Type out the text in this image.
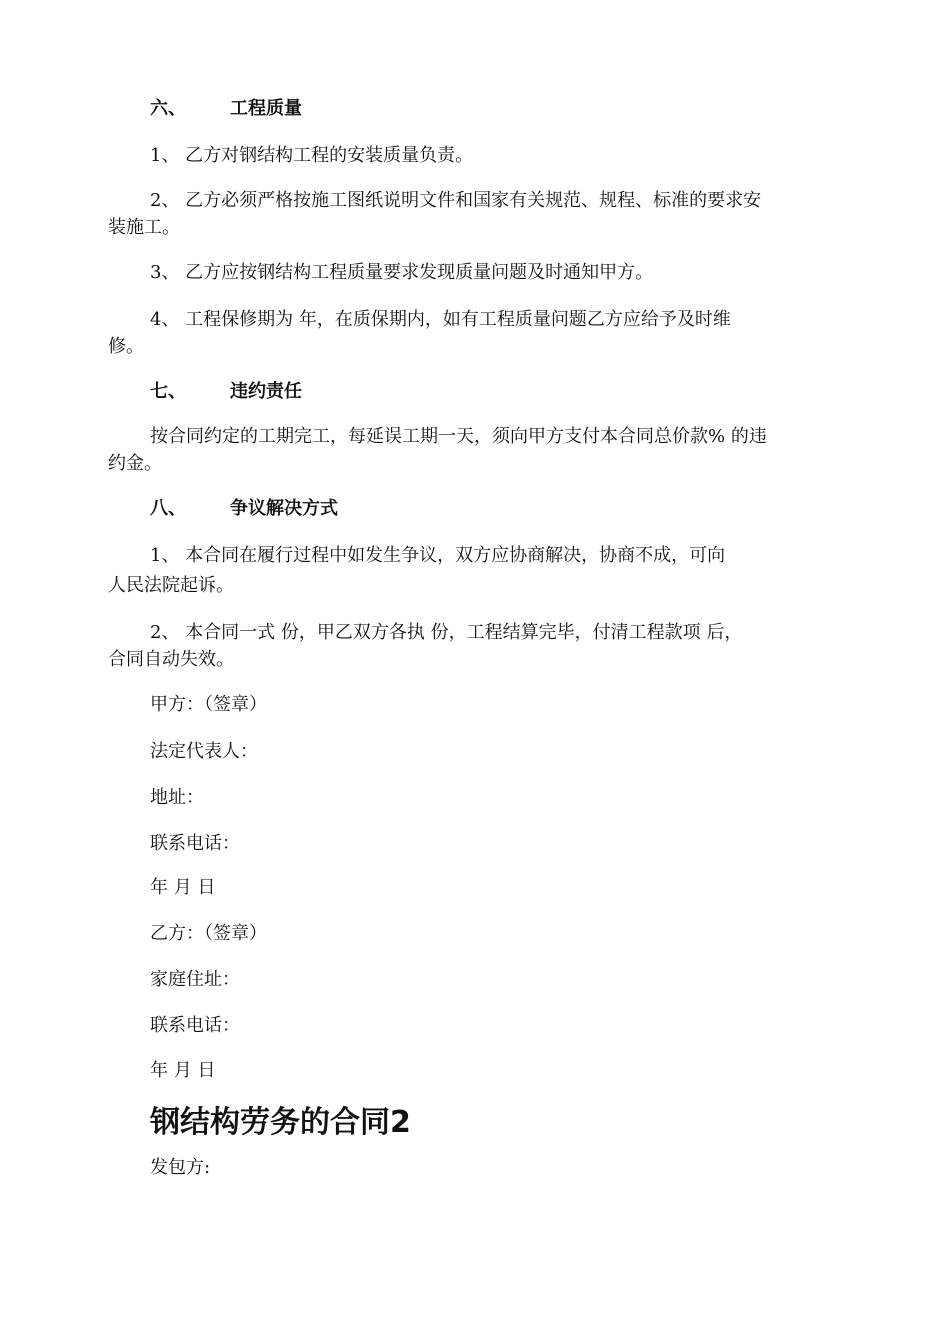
六、 工程质量
1、 乙方对钢结构工程的安装质量负责。
2、 乙方必须严格按施工图纸说明文件和国家有关规范、规程、标准的要求安
装施工。
3、 乙方应按钢结构工程质量要求发现质量问题及时通知甲方。
4、 工程保修期为 年，在质保期内，如有工程质量问题乙方应给予及时维
修。
七、 违约责任
按合同约定的工期完工，每延误工期一天，须向甲方支付本合同总价款% 的违
约金。
八、 争议解决方式
1、 本合同在履行过程中如发生争议，双方应协商解决，协商不成，可向
人民法院起诉。
2、 本合同一式 份，甲乙双方各执 份，工程结算完毕，付清工程款项 后，
合同自动失效。
甲方：（签章）
法定代表人：
地址：
联系电话：
年 月 日
乙方：（签章）
家庭住址：
联系电话：
年 月 日
钢结构劳务的合同2
发包方:
